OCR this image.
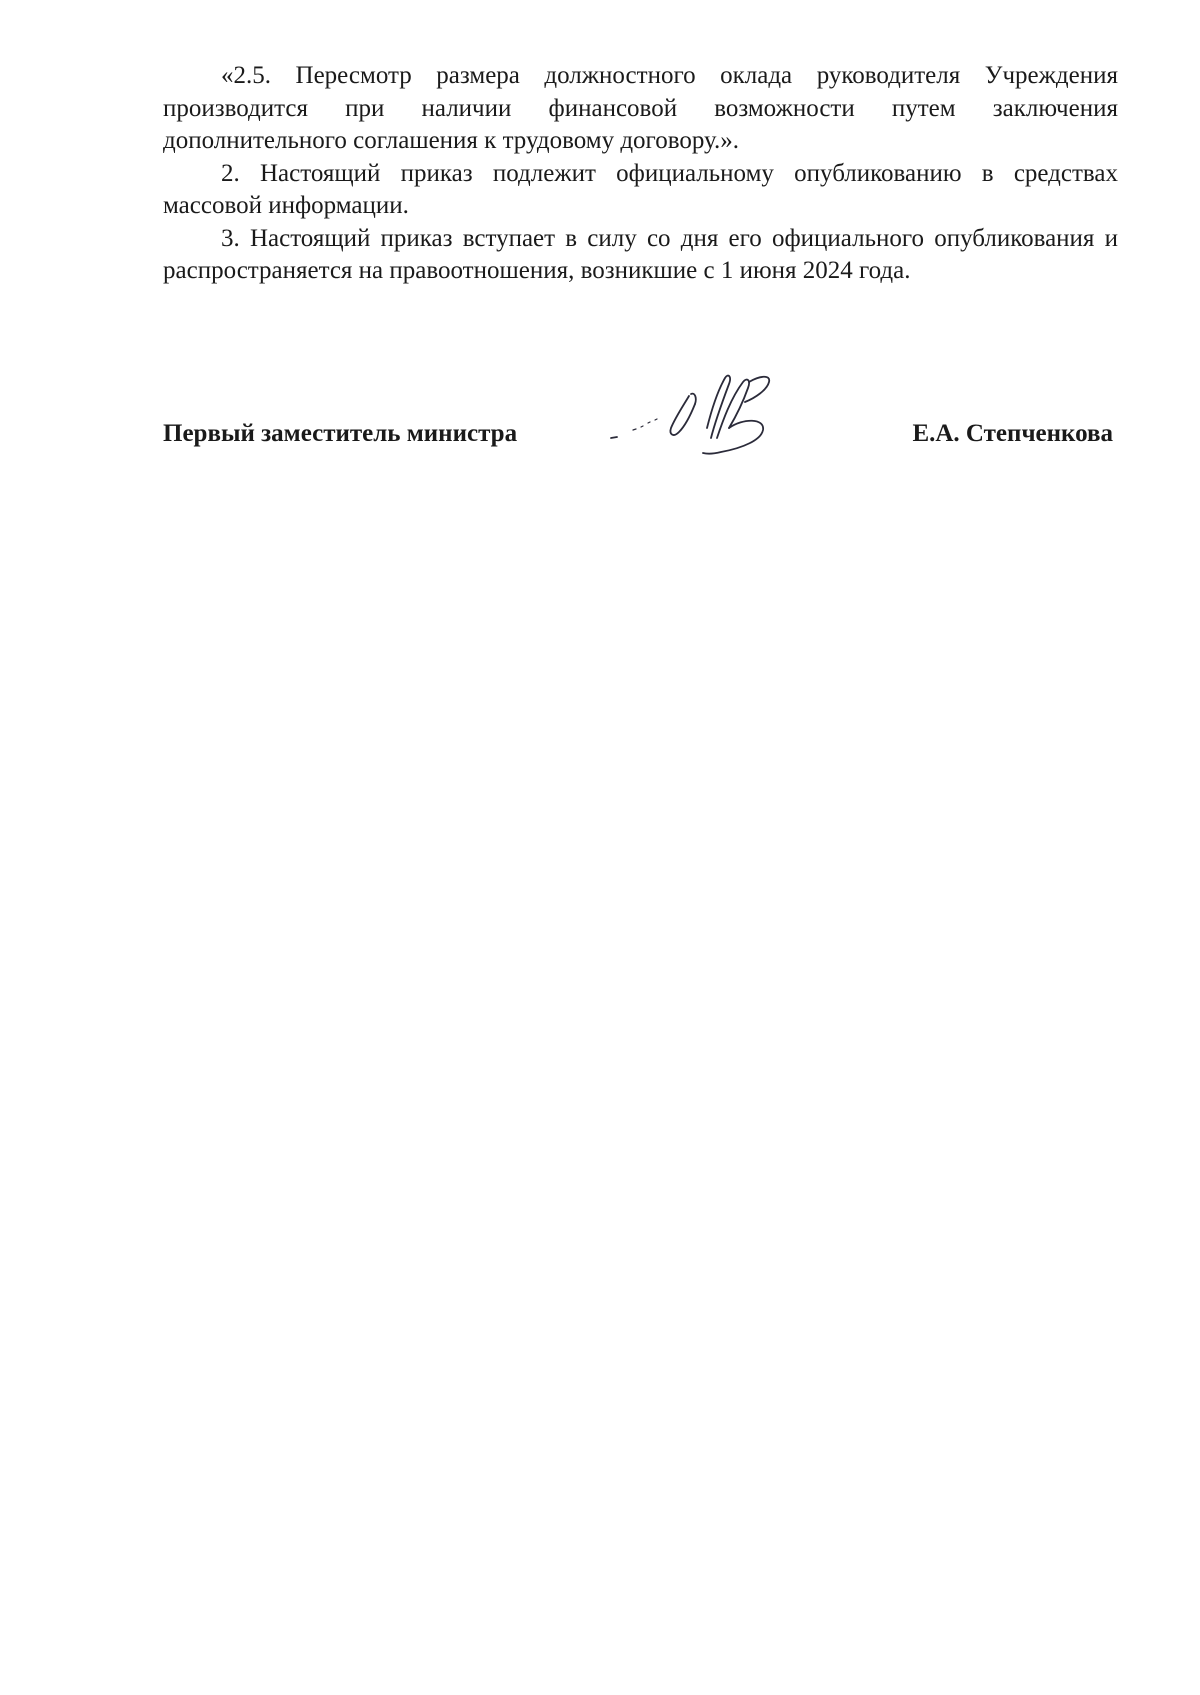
«2.5. Пересмотр размера должностного оклада руководителя Учреждения производится при наличии финансовой возможности путем заключения дополнительного соглашения к трудовому договору.».

2. Настоящий приказ подлежит официальному опубликованию в средствах массовой информации.

3. Настоящий приказ вступает в силу со дня его официального опубликования и распространяется на правоотношения, возникшие с 1 июня 2024 года.

Первый заместитель министра	Е.А. Степченкова
